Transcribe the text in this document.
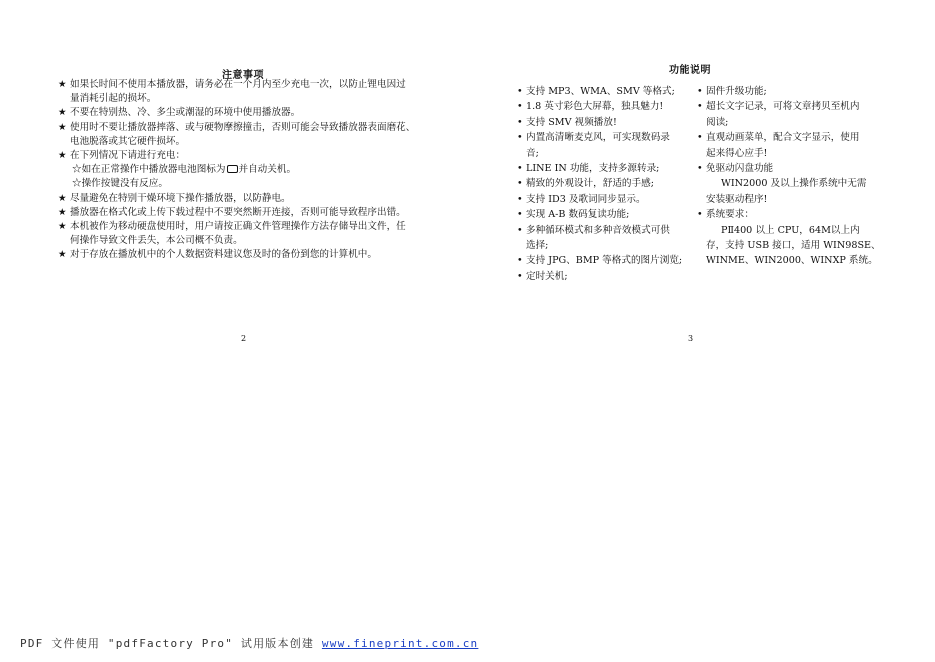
注意事项
★ 如果长时间不使用本播放器，请务必在一个月内至少充电一次，以防止锂电因过
量消耗引起的损坏。
★ 不要在特别热、冷、多尘或潮湿的环境中使用播放器。
★ 使用时不要让播放器摔落、或与硬物摩擦撞击，否则可能会导致播放器表面磨花、
电池脱落或其它硬件损坏。
★ 在下列情况下请进行充电：
☆如在正常操作中播放器电池图标为 并自动关机。
☆操作按键没有反应。
★ 尽量避免在特别干燥环境下操作播放器，以防静电。
★ 播放器在格式化或上传下载过程中不要突然断开连接，否则可能导致程序出错。
★ 本机被作为移动硬盘使用时，用户请按正确文件管理操作方法存储导出文件，任
何操作导致文件丢失，本公司概不负责。
★ 对于存放在播放机中的个人数据资料建议您及时的备份到您的计算机中。
2
功能说明
• 支持 MP3、WMA、SMV 等格式;
• 1.8 英寸彩色大屏幕，独具魅力!
• 支持 SMV 视频播放!
• 内置高清晰麦克风，可实现数码录
音;
• LINE IN 功能，支持多源转录;
• 精致的外观设计，舒适的手感;
• 支持 ID3 及歌词同步显示。
• 实现 A-B 数码复读功能;
• 多种循环模式和多种音效模式可供
选择;
• 支持 JPG、BMP 等格式的图片浏览;
• 定时关机;
• 固件升级功能;
• 超长文字记录，可将文章拷贝至机内
阅读;
• 直观动画菜单，配合文字显示，使用
起来得心应手!
• 免驱动闪盘功能
WIN2000 及以上操作系统中无需
安装驱动程序!
• 系统要求：
PⅡ400 以上 CPU，64M以上内
存，支持 USB 接口，适用 WIN98SE、
WINME、WIN2000、WINXP 系统。
3
PDF 文件使用 "pdfFactory Pro" 试用版本创建 www.fineprint.com.cn
